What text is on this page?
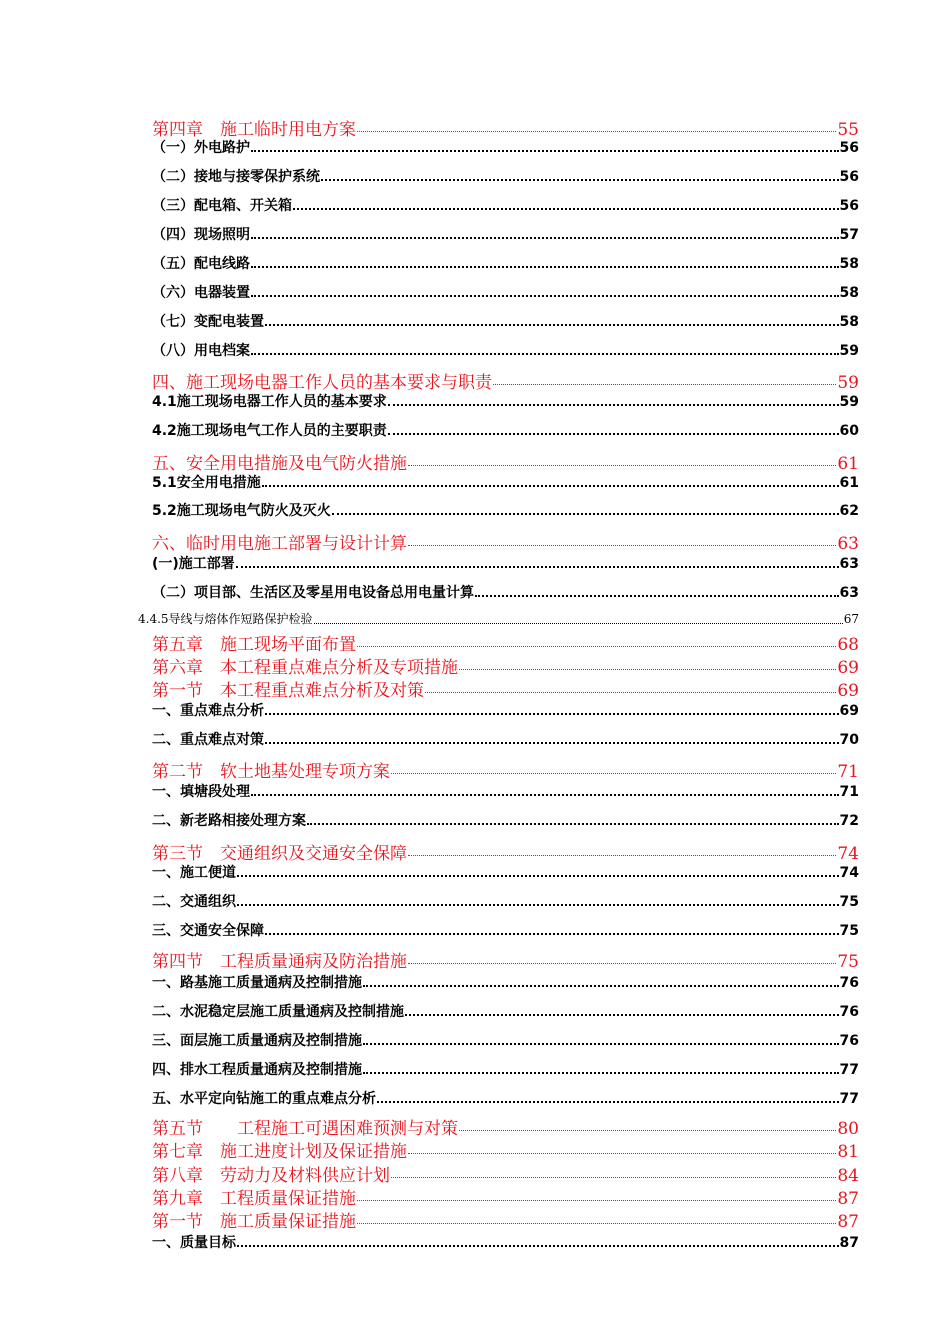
第四章　施工临时用电方案	55
（一）外电路护	56
（二）接地与接零保护系统	56
（三）配电箱、开关箱	56
（四）现场照明	57
（五）配电线路	58
（六）电器装置	58
（七）变配电装置	58
（八）用电档案	59
四、施工现场电器工作人员的基本要求与职责	59
4.1施工现场电器工作人员的基本要求	59
4.2施工现场电气工作人员的主要职责	60
五、安全用电措施及电气防火措施	61
5.1安全用电措施	61
5.2施工现场电气防火及灭火	62
六、临时用电施工部署与设计计算	63
(一)施工部署	63
（二）项目部、生活区及零星用电设备总用电量计算	63
4.4.5导线与熔体作短路保护检验	67
第五章　施工现场平面布置	68
第六章　本工程重点难点分析及专项措施	69
第一节　本工程重点难点分析及对策	69
一、重点难点分析	69
二、重点难点对策	70
第二节　软土地基处理专项方案	71
一、填塘段处理	71
二、新老路相接处理方案	72
第三节　交通组织及交通安全保障	74
一、施工便道	74
二、交通组织	75
三、交通安全保障	75
第四节　工程质量通病及防治措施	75
一、路基施工质量通病及控制措施	76
二、水泥稳定层施工质量通病及控制措施	76
三、面层施工质量通病及控制措施	76
四、排水工程质量通病及控制措施	77
五、水平定向钻施工的重点难点分析	77
第五节　　工程施工可遇困难预测与对策	80
第七章　施工进度计划及保证措施	81
第八章　劳动力及材料供应计划	84
第九章　工程质量保证措施	87
第一节　施工质量保证措施	87
一、质量目标	87
